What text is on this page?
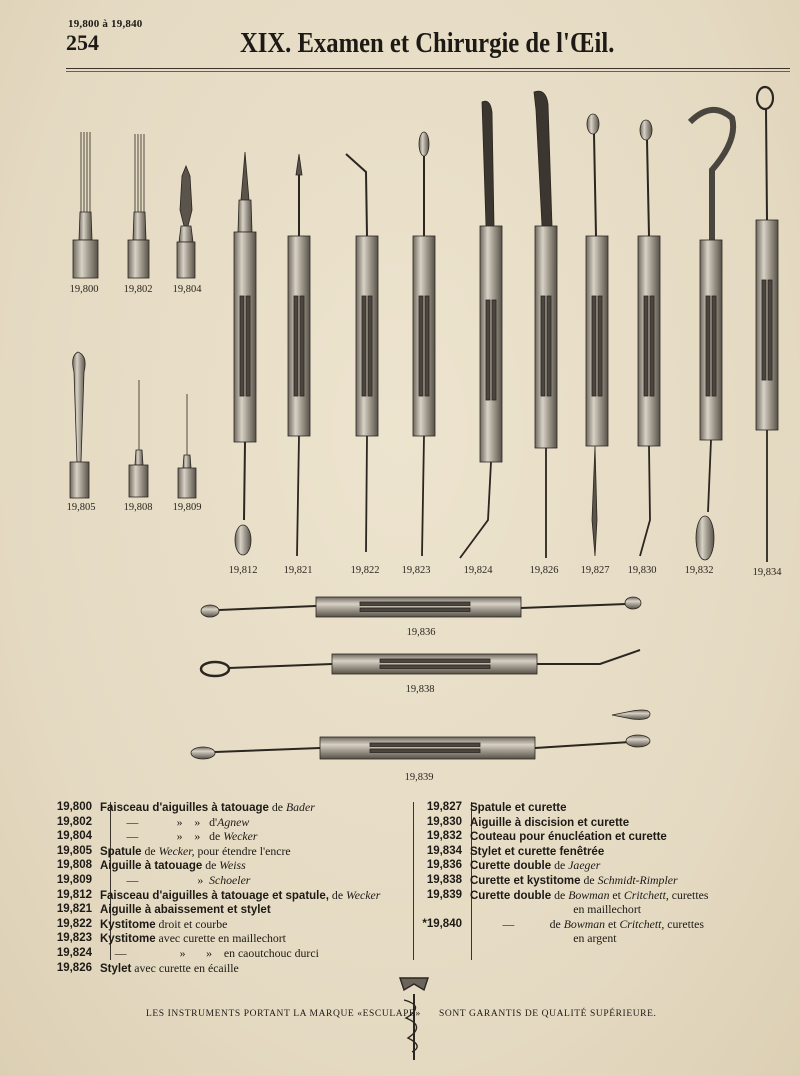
19,800 à 19,840
254	XIX. Examen et Chirurgie de l'Œil.
19,800 19,802 19,804
19,805	19,808 19,809
19,812 19,821	19,822 19,823	19,824	19,826 19,827 19,830	19,832	19,834
19,836
19,838
19,839
19,800 Faisceau d'aiguilles à tatouage de Bader
19,802 —             »    »   d'Agnew
19,804 —             »    »   de Wecker
19,805 Spatule de Wecker, pour étendre l'encre
19,808 Aiguille à tatouage de Weiss
19,809 —                    »  Schoeler
19,812 Faisceau d'aiguilles à tatouage et spatule, de Wecker
19,821 Aiguille à abaissement et stylet
19,822 Kystitome droit et courbe
19,823 Kystitome avec curette en maillechort
19,824 —                  »       »    en caoutchouc durci
19,826 Stylet avec curette en écaille
19,827 Spatule et curette
19,830 Aiguille à discision et curette
19,832 Couteau pour énucléation et curette
19,834 Stylet et curette fenêtrée
19,836 Curette double de Jaeger
19,838 Curette et kystitome de Schmidt-Rimpler
19,839 Curette double de Bowman et Critchett, curettes
en maillechort
*19,840 —            de Bowman et Critchett, curettes
en argent
LES INSTRUMENTS PORTANT LA MARQUE «ESCULAPE» SONT GARANTIS DE QUALITÉ SUPÉRIEURE.
